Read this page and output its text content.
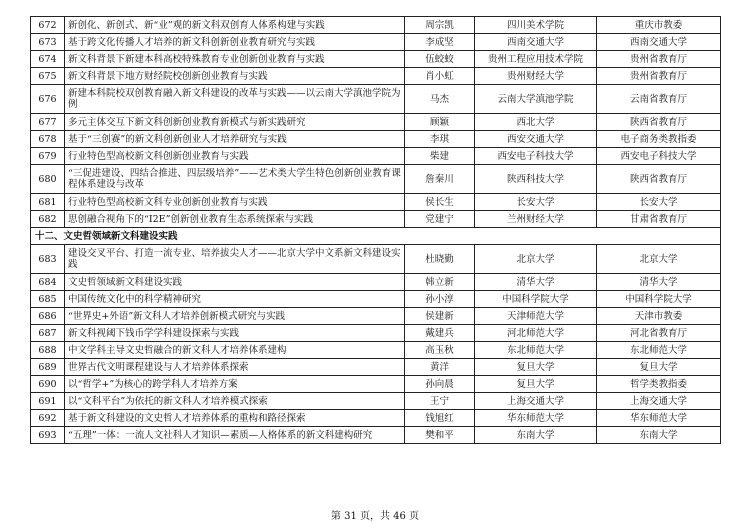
672	新创化、新创式、新“业”观的新文科双创育人体系构建与实践	周宗凯	四川美术学院	重庆市教委
673	基于跨文化传播人才培养的新文科创新创业教育研究与实践	李成坚	西南交通大学	西南交通大学
674	新文科背景下新建本科高校特殊教育专业创新创业教育与实践	伍蛟蛟	贵州工程应用技术学院	贵州省教育厅
675	新文科背景下地方财经院校创新创业教育与实践	肖小虹	贵州财经大学	贵州省教育厅
676	新建本科院校双创教育融入新文科建设的改革与实践——以云南大学滇池学院为例	马杰	云南大学滇池学院	云南省教育厅
677	多元主体交互下新文科创新创业教育新模式与新实践研究	顾颖	西北大学	陕西省教育厅
678	基于“三创赛”的新文科创新创业人才培养研究与实践	李琪	西安交通大学	电子商务类教指委
679	行业特色型高校新文科创新创业教育与实践	柴建	西安电子科技大学	西安电子科技大学
680	“三促进建设、四结合推进、四层级培养”——艺术类大学生特色创新创业教育课程体系建设与改革	詹秦川	陕西科技大学	陕西省教育厅
681	行业特色型高校新文科专业创新创业教育与实践	侯长生	长安大学	长安大学
682	思创融合视角下的“I2E”创新创业教育生态系统探索与实践	党建宁	兰州财经大学	甘肃省教育厅
十二、文史哲领域新文科建设实践				
683	建设交叉平台、打造一流专业、培养拔尖人才——北京大学中文系新文科建设实践	杜晓勤	北京大学	北京大学
684	文史哲领域新文科建设实践	韩立新	清华大学	清华大学
685	中国传统文化中的科学精神研究	孙小淳	中国科学院大学	中国科学院大学
686	“世界史+外语”新文科人才培养创新模式研究与实践	侯建新	天津师范大学	天津市教委
687	新文科视阈下钱币学学科建设探索与实践	戴建兵	河北师范大学	河北省教育厅
688	中文学科主导文史哲融合的新文科人才培养体系建构	高玉秋	东北师范大学	东北师范大学
689	世界古代文明课程建设与人才培养体系探索	黄洋	复旦大学	复旦大学
690	以“哲学+”为核心的跨学科人才培养方案	孙向晨	复旦大学	哲学类教指委
691	以“文科平台”为依托的新文科人才培养模式探索	王宁	上海交通大学	上海交通大学
692	基于新文科建设的文史哲人才培养体系的重构和路径探索	钱旭红	华东师范大学	华东师范大学
693	“五理”一体：一流人文社科人才知识—素质—人格体系的新文科建构研究	樊和平	东南大学	东南大学
第 31 页，共 46 页
